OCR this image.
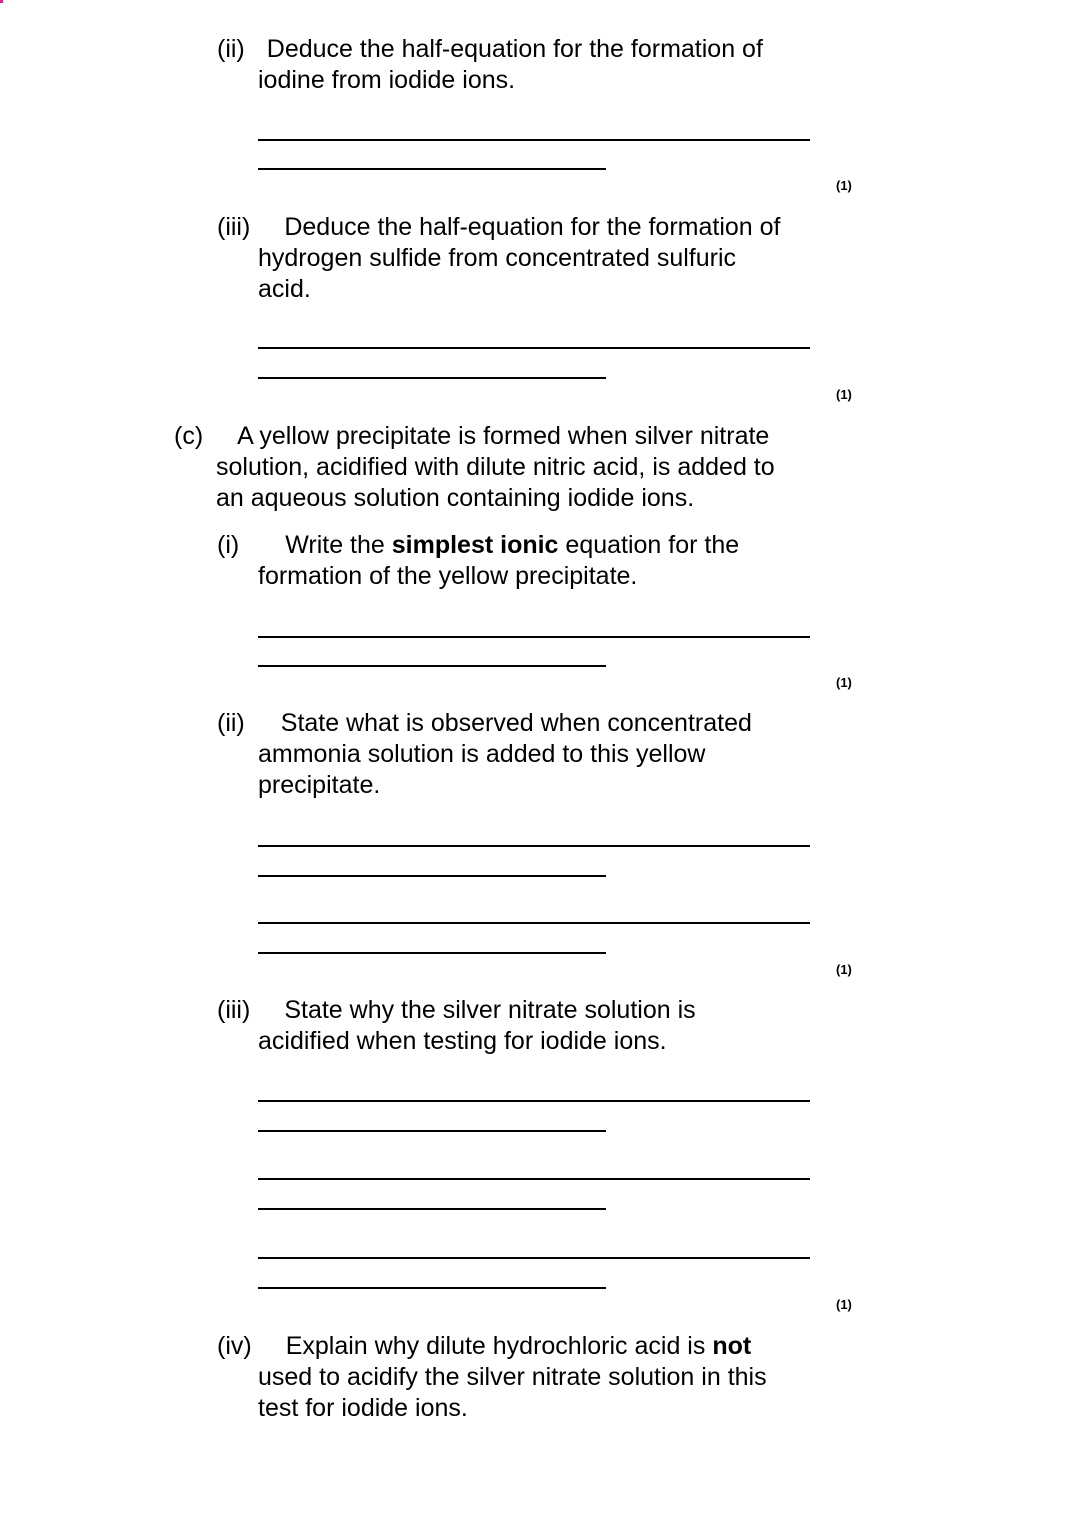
(ii) Deduce the half-equation for the formation of
iodine from iodide ions.
(1)
(iii) Deduce the half-equation for the formation of
hydrogen sulfide from concentrated sulfuric
acid.
(1)
(c) A yellow precipitate is formed when silver nitrate
solution, acidified with dilute nitric acid, is added to
an aqueous solution containing iodide ions.
(i) Write the simplest ionic equation for the
formation of the yellow precipitate.
(1)
(ii) State what is observed when concentrated
ammonia solution is added to this yellow
precipitate.
(1)
(iii) State why the silver nitrate solution is
acidified when testing for iodide ions.
(1)
(iv) Explain why dilute hydrochloric acid is not
used to acidify the silver nitrate solution in this
test for iodide ions.
